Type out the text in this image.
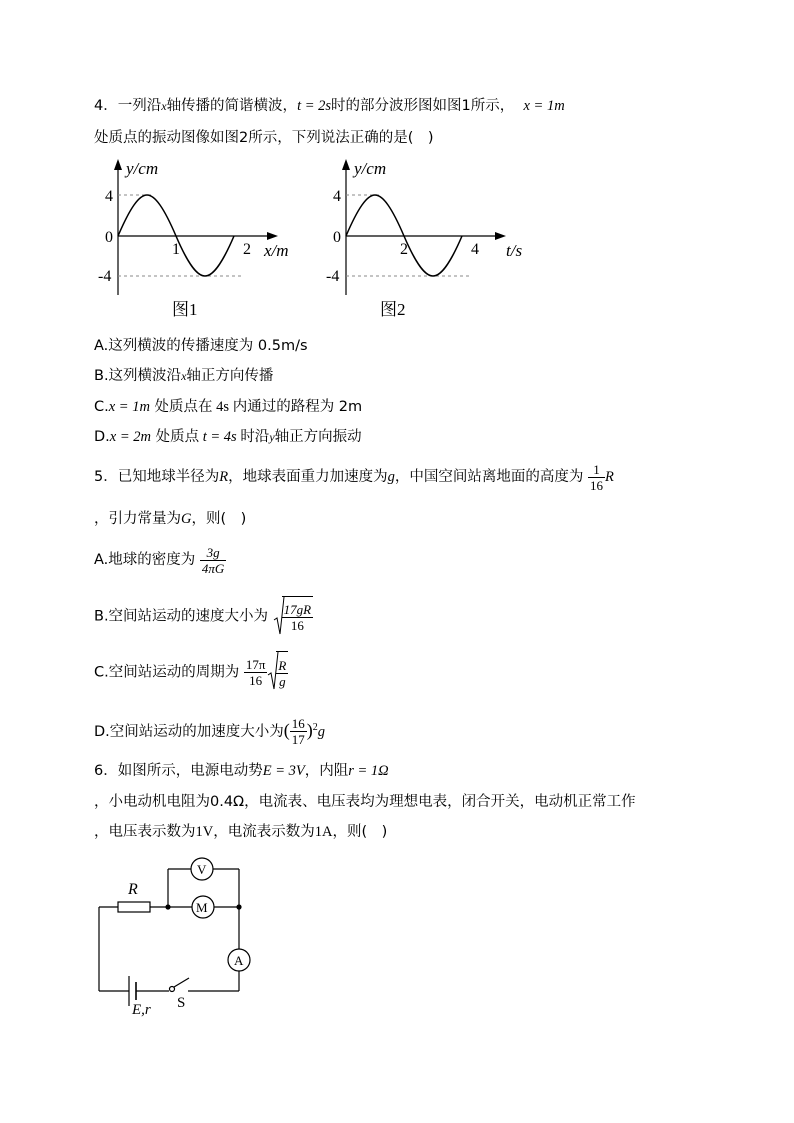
4．一列沿x轴传播的简谐横波，t = 2s时的部分波形图如图1所示， x = 1m
处质点的振动图像如图2所示，下列说法正确的是(　)
y/cm
4
0
-4
1	2 x/m
图1
y/cm
4
0
-4
2	4 t/s
图2
A.这列横波的传播速度为 0.5m/s
B.这列横波沿x轴正方向传播
C.x = 1m 处质点在 4s 内通过的路程为 2m
D.x = 2m 处质点 t = 4s 时沿y轴正方向振动
5．已知地球半径为R，地球表面重力加速度为g，中国空间站离地面的高度为 $\frac{1}{16}$ R
，引力常量为G，则(　)
A.地球的密度为 $\frac{3g}{4\pi G}$
B.空间站运动的速度大小为 $\frac{17gR}{16}$
C.空间站运动的周期为 $\frac{17\pi}{16} \frac{R}{g}$
D.空间站运动的加速度大小为( $\frac{16}{17} )^2g$
6．如图所示，电源电动势E = 3V，内阻r = 1Ω
，小电动机电阻为0.4Ω，电流表、电压表均为理想电表，闭合开关，电动机正常工作
，电压表示数为1V，电流表示数为1A，则(　)
R
V
M
A
S
E,r
